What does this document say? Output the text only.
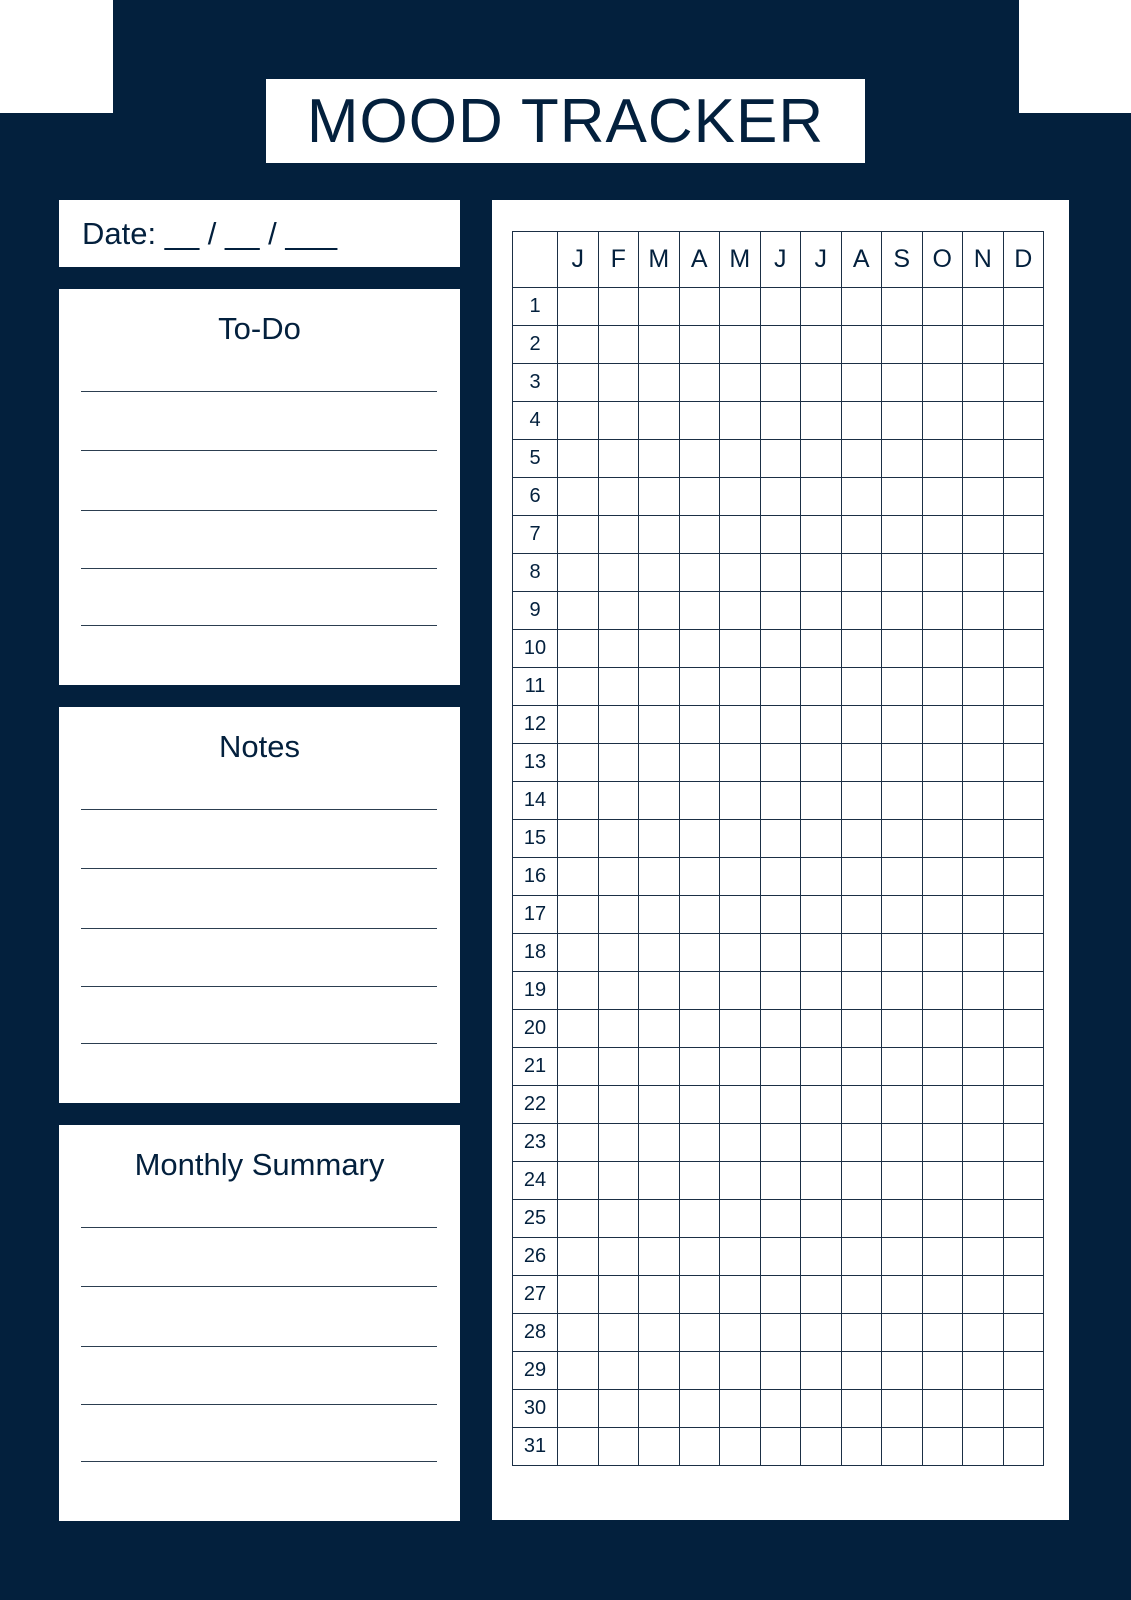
MOOD TRACKER
Date: __ / __ / ___
To-Do
Notes
Monthly Summary
	J	F	M	A	M	J	J	A	S	O	N	D
1												
2												
3												
4												
5												
6												
7												
8												
9												
10												
11												
12												
13												
14												
15												
16												
17												
18												
19												
20												
21												
22												
23												
24												
25												
26												
27												
28												
29												
30												
31												
